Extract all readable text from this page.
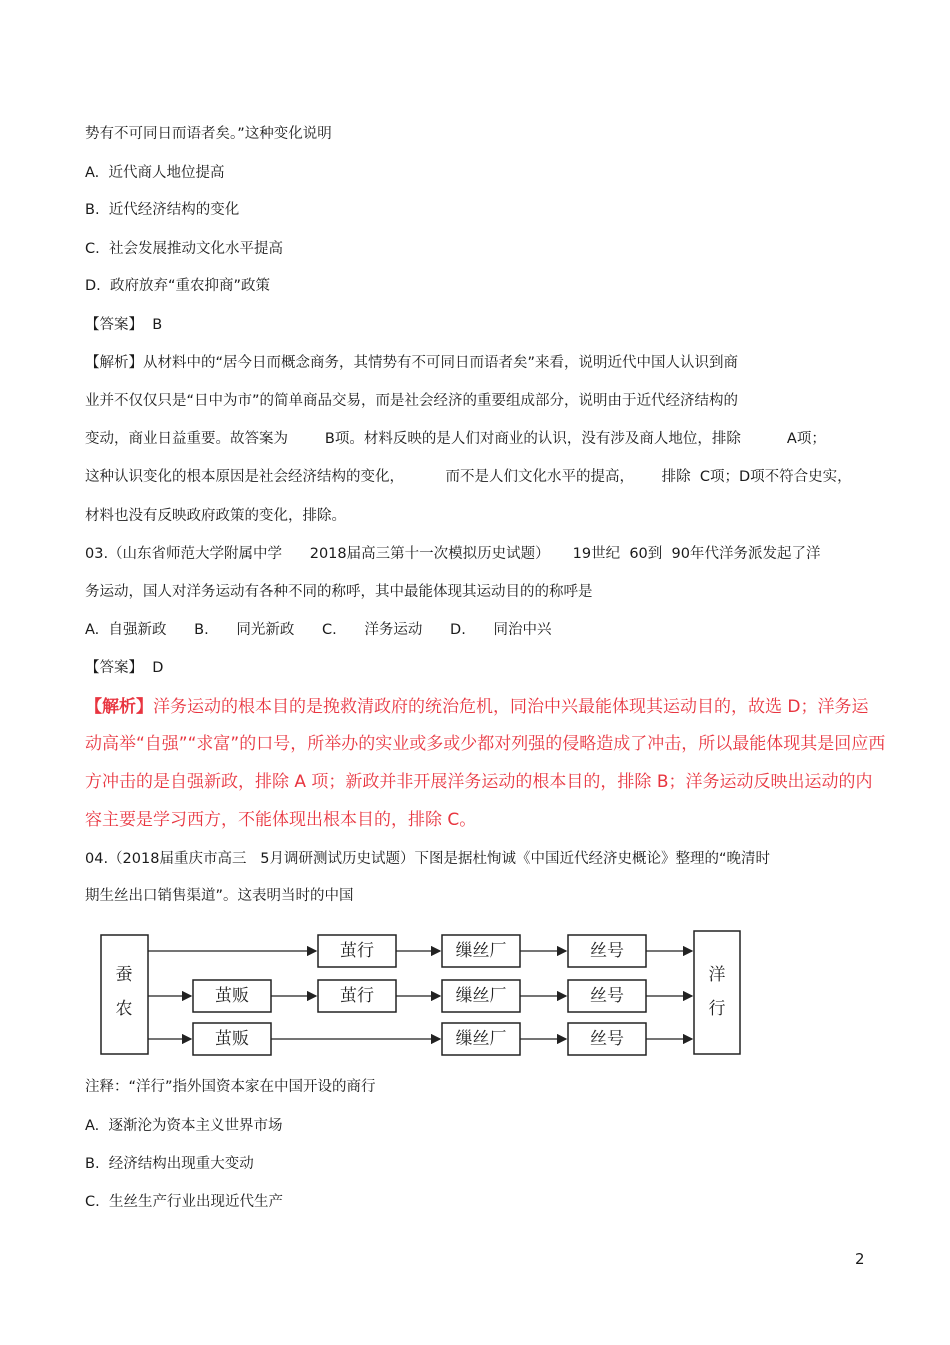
势有不可同日而语者矣。”这种变化说明
A.  近代商人地位提高
B.  近代经济结构的变化
C.  社会发展推动文化水平提高
D.  政府放弃“重农抑商”政策
【答案】  B
【解析】从材料中的“居今日而概念商务，其情势有不可同日而语者矣”来看，说明近代中国人认识到商
业并不仅仅只是“日中为市”的简单商品交易，而是社会经济的重要组成部分，说明由于近代经济结构的
变动，商业日益重要。故答案为        B项。材料反映的是人们对商业的认识，没有涉及商人地位，排除          A项；
这种认识变化的根本原因是社会经济结构的变化，         而不是人们文化水平的提高，      排除  C项；D项不符合史实，
材料也没有反映政府政策的变化，排除。
03.（山东省师范大学附属中学      2018届高三第十一次模拟历史试题）     19世纪  60到  90年代洋务派发起了洋
务运动，国人对洋务运动有各种不同的称呼，其中最能体现其运动目的的称呼是
A.  自强新政      B.      同光新政      C.      洋务运动      D.      同治中兴
【答案】  D
【解析】洋务运动的根本目的是挽救清政府的统治危机，同治中兴最能体现其运动目的，故选 D；洋务运
动高举“自强”“求富”的口号，所举办的实业或多或少都对列强的侵略造成了冲击，所以最能体现其是回应西
方冲击的是自强新政，排除 A 项；新政并非开展洋务运动的根本目的，排除 B；洋务运动反映出运动的内
容主要是学习西方，不能体现出根本目的，排除 C。
04.（2018届重庆市高三   5月调研测试历史试题）下图是据杜恂诚《中国近代经济史概论》整理的“晚清时
期生丝出口销售渠道”。这表明当时的中国
蚕
农
洋
行
茧行	缫丝厂	丝号
茧贩	茧行	缫丝厂	丝号
茧贩	缫丝厂	丝号
注释：“洋行”指外国资本家在中国开设的商行
A.  逐渐沦为资本主义世界市场
B.  经济结构出现重大变动
C.  生丝生产行业出现近代生产
2
